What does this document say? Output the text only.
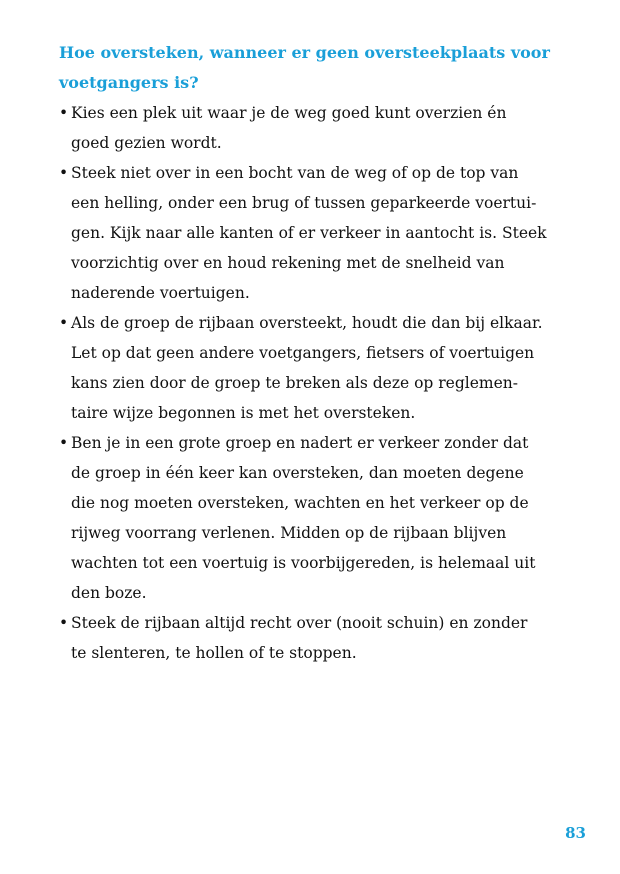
Hoe oversteken, wanneer er geen oversteekplaats voor
voetgangers is?
• Kies een plek uit waar je de weg goed kunt overzien én
goed gezien wordt.
• Steek niet over in een bocht van de weg of op de top van
een helling, onder een brug of tussen geparkeerde voertui-
gen. Kijk naar alle kanten of er verkeer in aantocht is. Steek
voorzichtig over en houd rekening met de snelheid van
naderende voertuigen.
• Als de groep de rijbaan oversteekt, houdt die dan bij elkaar.
Let op dat geen andere voetgangers, fietsers of voertuigen
kans zien door de groep te breken als deze op reglemen-
taire wijze begonnen is met het oversteken.
• Ben je in een grote groep en nadert er verkeer zonder dat
de groep in één keer kan oversteken, dan moeten degene
die nog moeten oversteken, wachten en het verkeer op de
rijweg voorrang verlenen. Midden op de rijbaan blijven
wachten tot een voertuig is voorbijgereden, is helemaal uit
den boze.
• Steek de rijbaan altijd recht over (nooit schuin) en zonder
te slenteren, te hollen of te stoppen.
83
